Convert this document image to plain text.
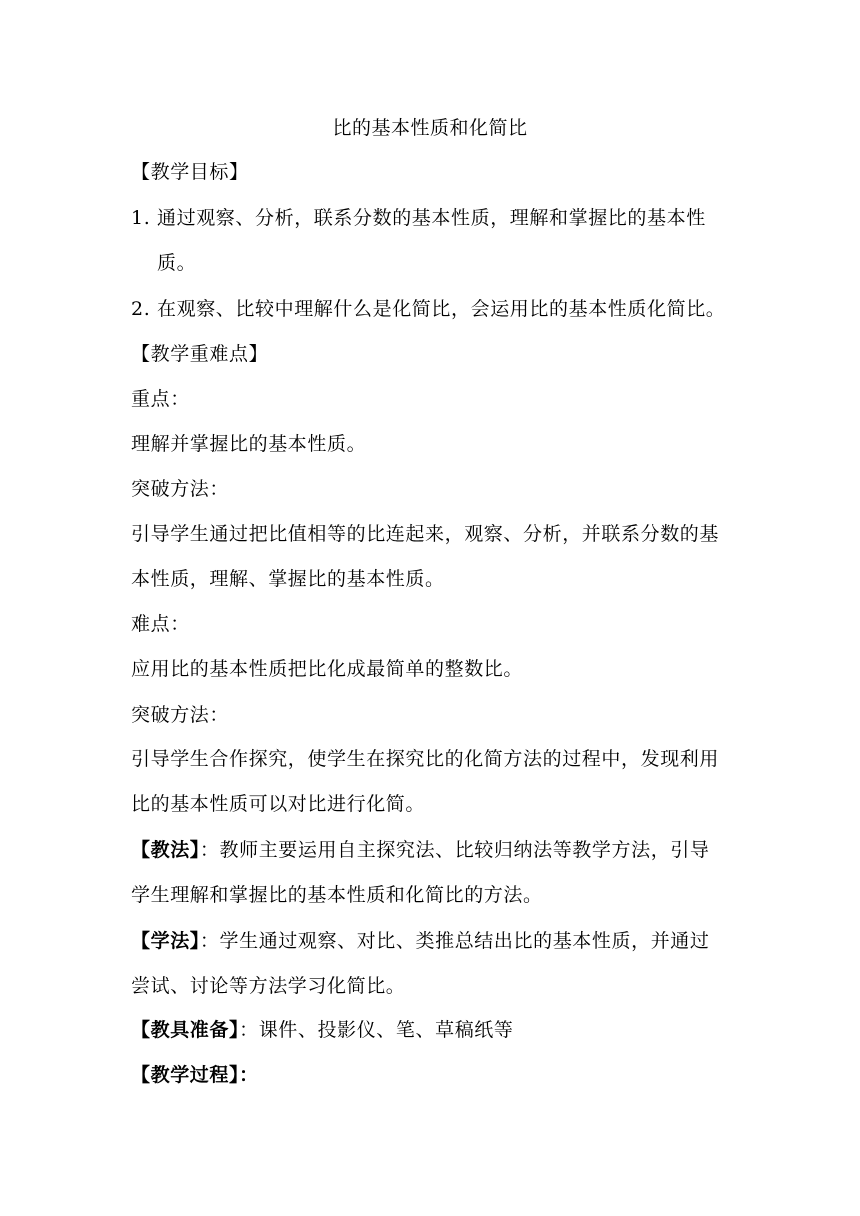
比的基本性质和化简比
【教学目标】
1. 通过观察、分析，联系分数的基本性质，理解和掌握比的基本性
质。
2. 在观察、比较中理解什么是化简比，会运用比的基本性质化简比。
【教学重难点】
重点：
理解并掌握比的基本性质。
突破方法：
引导学生通过把比值相等的比连起来，观察、分析，并联系分数的基
本性质，理解、掌握比的基本性质。
难点：
应用比的基本性质把比化成最简单的整数比。
突破方法：
引导学生合作探究，使学生在探究比的化简方法的过程中，发现利用
比的基本性质可以对比进行化简。
【教法】：教师主要运用自主探究法、比较归纳法等教学方法，引导
学生理解和掌握比的基本性质和化简比的方法。
【学法】：学生通过观察、对比、类推总结出比的基本性质，并通过
尝试、讨论等方法学习化简比。
【教具准备】：课件、投影仪、笔、草稿纸等
【教学过程】：
